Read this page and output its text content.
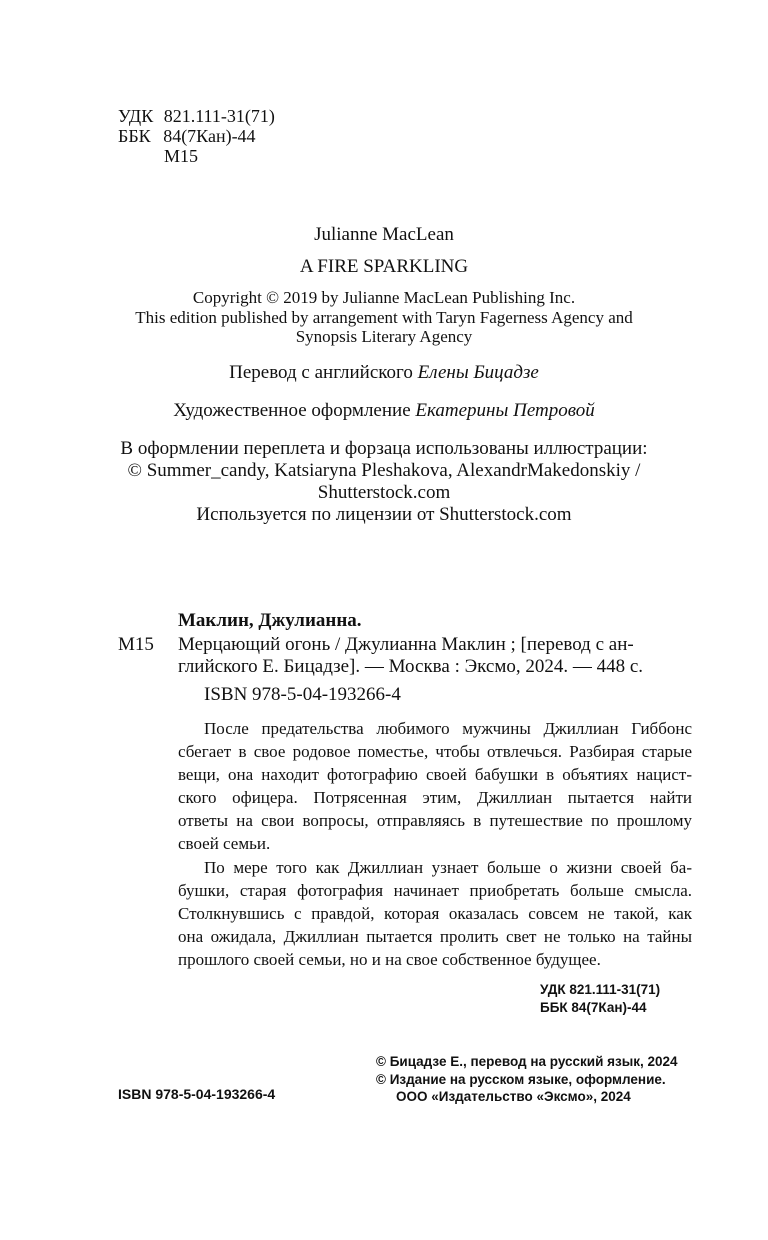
УДК 821.111-31(71)
ББК 84(7Кан)-44
М15
Julianne MacLean
A FIRE SPARKLING
Copyright © 2019 by Julianne MacLean Publishing Inc.
This edition published by arrangement with Taryn Fagerness Agency and
Synopsis Literary Agency
Перевод с английского Елены Бицадзе
Художественное оформление Екатерины Петровой
В оформлении переплета и форзаца использованы иллюстрации:
© Summer_candy, Katsiaryna Pleshakova, AlexandrMakedonskiy /
Shutterstock.com
Используется по лицензии от Shutterstock.com
Маклин, Джулианна.
М15 Мерцающий огонь / Джулианна Маклин ; [перевод с ан-
глийского Е. Бицадзе]. — Москва : Эксмо, 2024. — 448 с.
ISBN 978-5-04-193266-4
После предательства любимого мужчины Джиллиан Гиббонс
сбегает в свое родовое поместье, чтобы отвлечься. Разбирая старые
вещи, она находит фотографию своей бабушки в объятиях нацист-
ского офицера. Потрясенная этим, Джиллиан пытается найти
ответы на свои вопросы, отправляясь в путешествие по прошлому
своей семьи.
По мере того как Джиллиан узнает больше о жизни своей ба-
бушки, старая фотография начинает приобретать больше смысла.
Столкнувшись с правдой, которая оказалась совсем не такой, как
она ожидала, Джиллиан пытается пролить свет не только на тайны
прошлого своей семьи, но и на свое собственное будущее.
УДК 821.111-31(71)
ББК 84(7Кан)-44
© Бицадзе Е., перевод на русский язык, 2024
© Издание на русском языке, оформление.
ООО «Издательство «Эксмо», 2024
ISBN 978-5-04-193266-4
